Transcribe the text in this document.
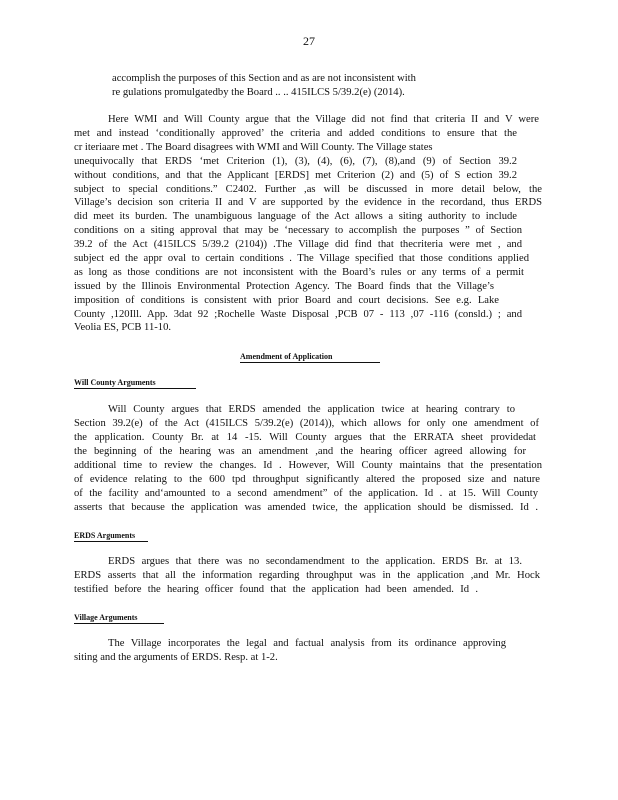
27
accomplish the purposes of this Section and as are not inconsistent with
re gulations promulgatedby the Board .. .. 415ILCS 5/39.2(e) (2014).
Here WMI and Will County argue that the Village did not find that criteria II and V were
met and instead ‘conditionally approved’ the criteria and added conditions to ensure that the
cr iteriaare met . The Board disagrees with WMI and Will County. The Village states
unequivocally that ERDS ‘met Criterion (1), (3), (4), (6), (7), (8),and (9) of Section 39.2
without conditions, and that the Applicant [ERDS] met Criterion (2) and (5) of S ection 39.2
subject to special conditions.” C2402. Further ,as will be discussed in more detail below, the
Village’s decision son criteria II and V are supported by the evidence in the recordand, thus ERDS
did meet its burden. The unambiguous language of the Act allows a siting authority to include
conditions on a siting approval that may be ‘necessary to accomplish the purposes ” of Section
39.2 of the Act (415ILCS 5/39.2 (2104)) .The Village did find that thecriteria were met , and
subject ed the appr oval to certain conditions . The Village specified that those conditions applied
as long as those conditions are not inconsistent with the Board’s rules or any terms of a permit
issued by the Illinois Environmental Protection Agency. The Board finds that the Village’s
imposition of conditions is consistent with prior Board and court decisions. See e.g. Lake
County ,120Ill. App. 3dat 92 ;Rochelle Waste Disposal ,PCB 07 - 113 ,07 -116 (consld.) ; and
Veolia ES, PCB 11-10.
Amendment of Application
Will County Arguments
Will County argues that ERDS amended the application twice at hearing contrary to
Section 39.2(e) of the Act (415ILCS 5/39.2(e) (2014)), which allows for only one amendment of
the application. County Br. at 14 -15. Will County argues that the ERRATA sheet providedat
the beginning of the hearing was an amendment ,and the hearing officer agreed allowing for
additional time to review the changes. Id . However, Will County maintains that the presentation
of evidence relating to the 600 tpd throughput significantly altered the proposed size and nature
of the facility and‘amounted to a second amendment” of the application. Id . at 15. Will County
asserts that because the application was amended twice, the application should be dismissed. Id .
ERDS Arguments
ERDS argues that there was no secondamendment to the application. ERDS Br. at 13.
ERDS asserts that all the information regarding throughput was in the application ,and Mr. Hock
testified before the hearing officer found that the application had been amended. Id .
Village Arguments
The Village incorporates the legal and factual analysis from its ordinance approving
siting and the arguments of ERDS. Resp. at 1-2.
